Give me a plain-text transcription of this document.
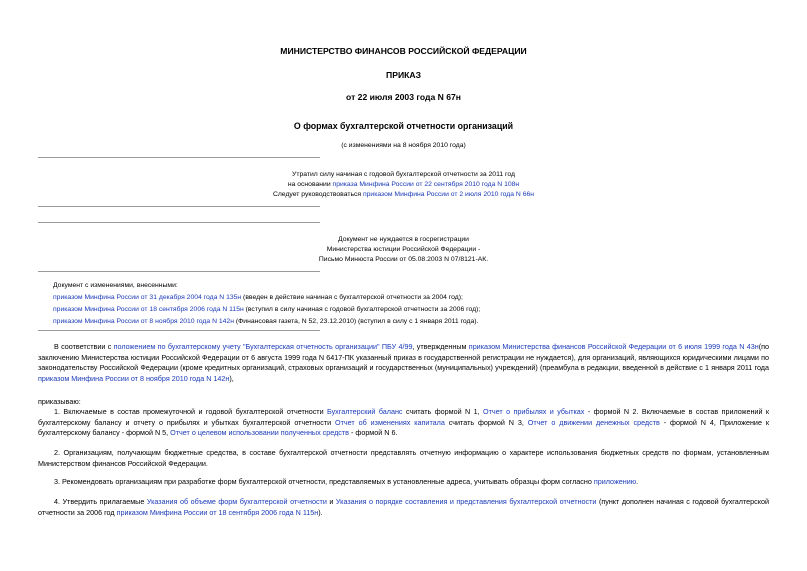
МИНИСТЕРСТВО ФИНАНСОВ РОССИЙСКОЙ ФЕДЕРАЦИИ
ПРИКАЗ
от 22 июля 2003 года N 67н
О формах бухгалтерской отчетности организаций
(с изменениями на 8 ноября 2010 года)
Утратил силу начиная с годовой бухгалтерской отчетности за 2011 год
на основании приказа Минфина России от 22 сентября 2010 года N 108н
Следует руководствоваться приказом Минфина России от 2 июля 2010 года N 66н
Документ не нуждается в госрегистрации
Министерства юстиции Российской Федерации -
Письмо Минюста России от 05.08.2003 N 07/8121-АК.
Документ с изменениями, внесенными:
приказом Минфина России от 31 декабря 2004 года N 135н (введен в действие начиная с бухгалтерской отчетности за 2004 год);
приказом Минфина России от 18 сентября 2006 года N 115н (вступил в силу начиная с годовой бухгалтерской отчетности за 2006 год);
приказом Минфина России от 8 ноября 2010 года N 142н (Финансовая газета, N 52, 23.12.2010) (вступил в силу с 1 января 2011 года).
В соответствии с положением по бухгалтерскому учету "Бухгалтерская отчетность организации" ПБУ 4/99, утвержденным приказом Министерства финансов Российской Федерации от 6 июля 1999 года N 43н(по заключению Министерства юстиции Российской Федерации от 6 августа 1999 года N 6417-ПК указанный приказ в государственной регистрации не нуждается), для организаций, являющихся юридическими лицами по законодательству Российской Федерации (кроме кредитных организаций, страховых организаций и государственных (муниципальных) учреждений) (преамбула в редакции, введенной в действие с 1 января 2011 года приказом Минфина России от 8 ноября 2010 года N 142н),
приказываю:
1. Включаемые в состав промежуточной и годовой бухгалтерской отчетности Бухгалтерский баланс считать формой N 1, Отчет о прибылях и убытках - формой N 2. Включаемые в состав приложений к бухгалтерскому балансу и отчету о прибылях и убытках бухгалтерской отчетности Отчет об изменениях капитала считать формой N 3, Отчет о движении денежных средств - формой N 4, Приложение к бухгалтерскому балансу - формой N 5, Отчет о целевом использовании полученных средств - формой N 6.
2. Организациям, получающим бюджетные средства, в составе бухгалтерской отчетности представлять отчетную информацию о характере использования бюджетных средств по формам, установленным Министерством финансов Российской Федерации.
3. Рекомендовать организациям при разработке форм бухгалтерской отчетности, представляемых в установленные адреса, учитывать образцы форм согласно приложению.
4. Утвердить прилагаемые Указания об объеме форм бухгалтерской отчетности и Указания о порядке составления и представления бухгалтерской отчетности (пункт дополнен начиная с годовой бухгалтерской отчетности за 2006 год приказом Минфина России от 18 сентября 2006 года N 115н).
